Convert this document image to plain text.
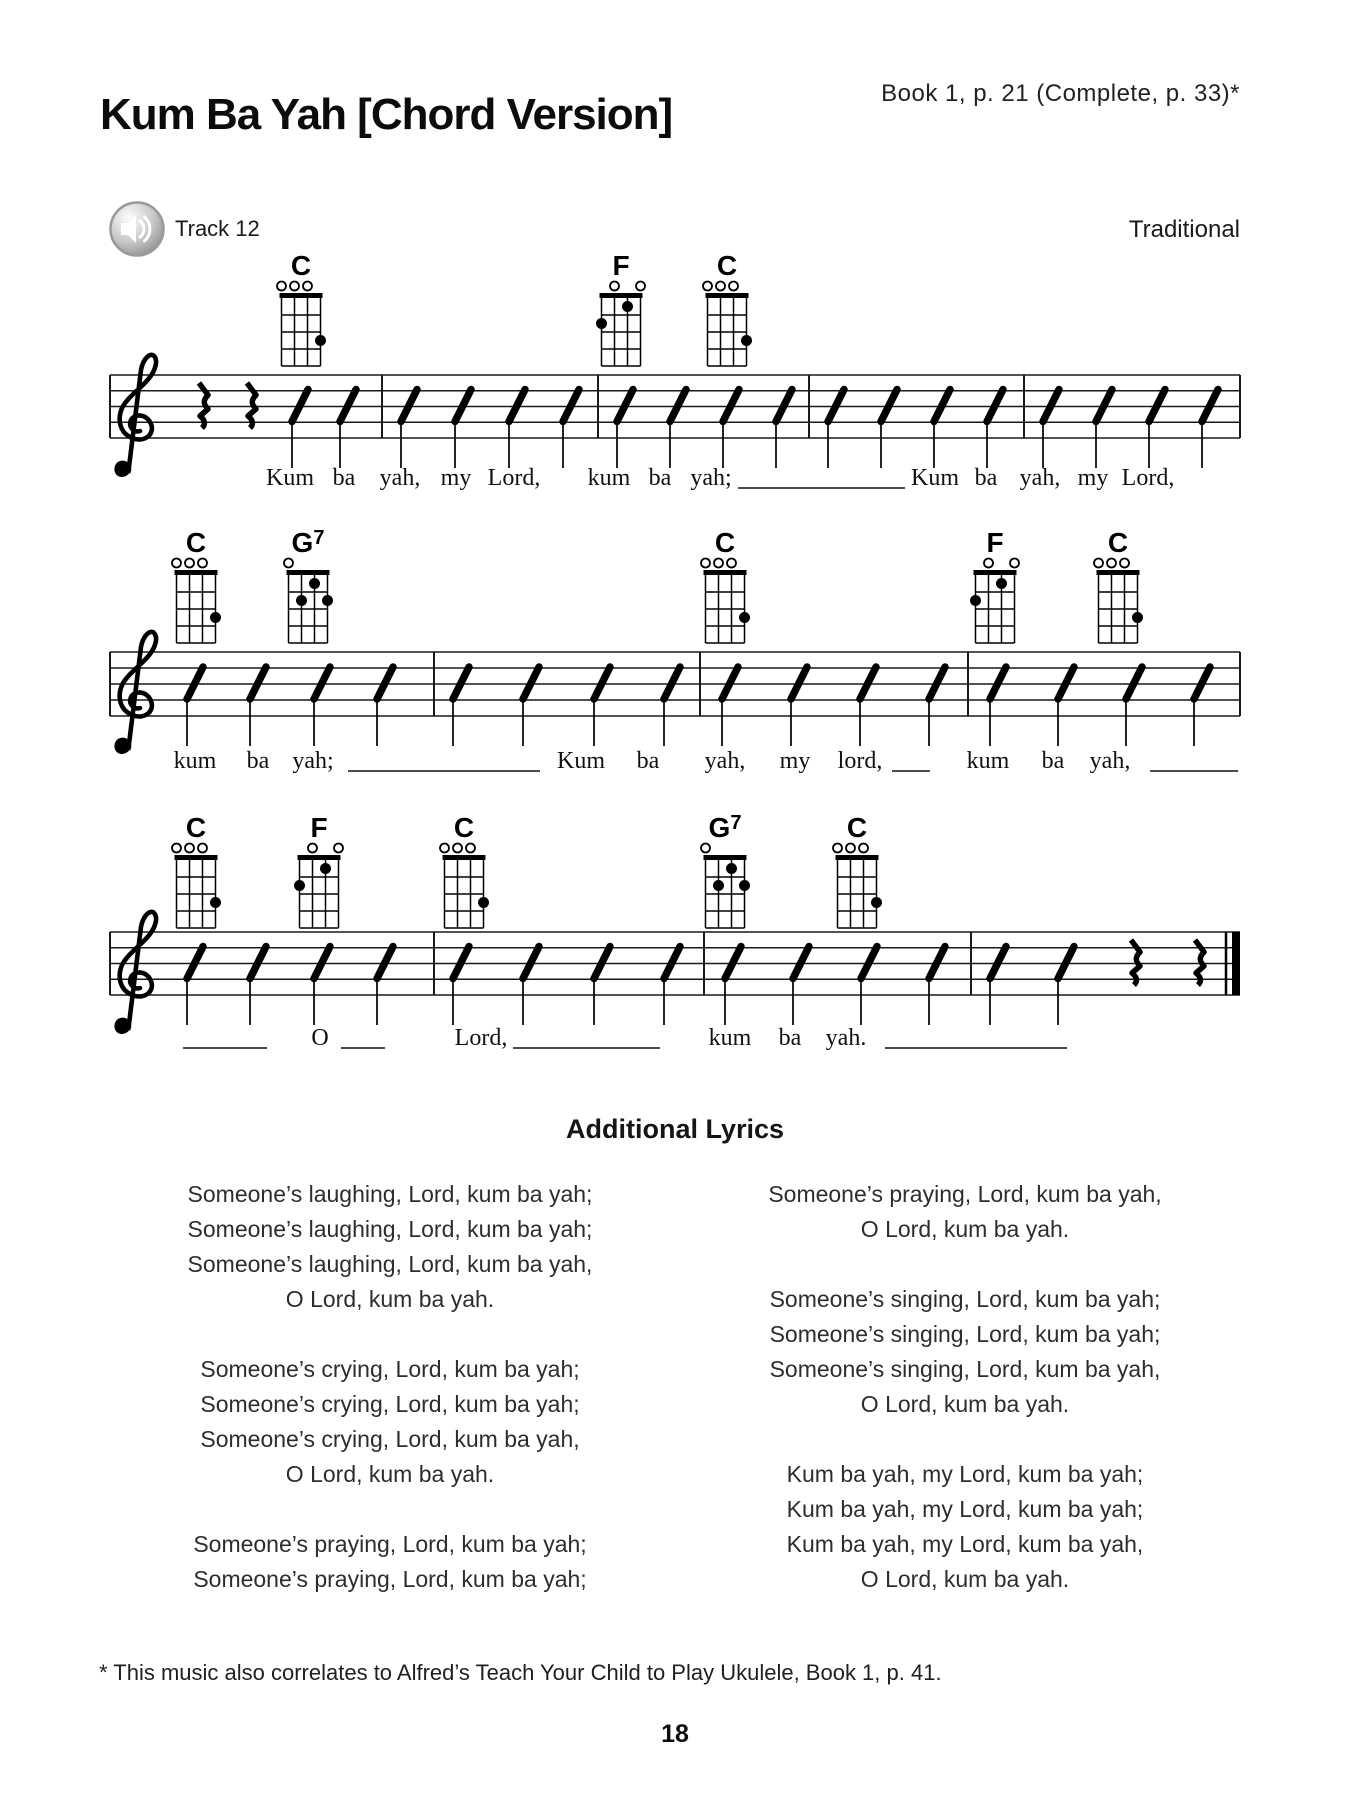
Book 1, p. 21 (Complete, p. 33)*
Kum Ba Yah [Chord Version]
Track 12	Traditional
C	F	C
Kum ba yah, my Lord, kum ba yah;	Kum ba yah, my Lord,
C	$G^7$	C	F	C
kum ba yah;	Kum ba yah, my lord,	kum ba yah,
C	F	C	$G^7$	C
O	Lord,	kum ba yah.
Additional Lyrics
Someone’s laughing, Lord, kum ba yah;
Someone’s laughing, Lord, kum ba yah;
Someone’s laughing, Lord, kum ba yah,
O Lord, kum ba yah.
Someone’s crying, Lord, kum ba yah;
Someone’s crying, Lord, kum ba yah;
Someone’s crying, Lord, kum ba yah,
O Lord, kum ba yah.
Someone’s praying, Lord, kum ba yah;
Someone’s praying, Lord, kum ba yah;
Someone’s praying, Lord, kum ba yah,
O Lord, kum ba yah.
Someone’s singing, Lord, kum ba yah;
Someone’s singing, Lord, kum ba yah;
Someone’s singing, Lord, kum ba yah,
O Lord, kum ba yah.
Kum ba yah, my Lord, kum ba yah;
Kum ba yah, my Lord, kum ba yah;
Kum ba yah, my Lord, kum ba yah,
O Lord, kum ba yah.
* This music also correlates to Alfred’s Teach Your Child to Play Ukulele, Book 1, p. 41.
18
